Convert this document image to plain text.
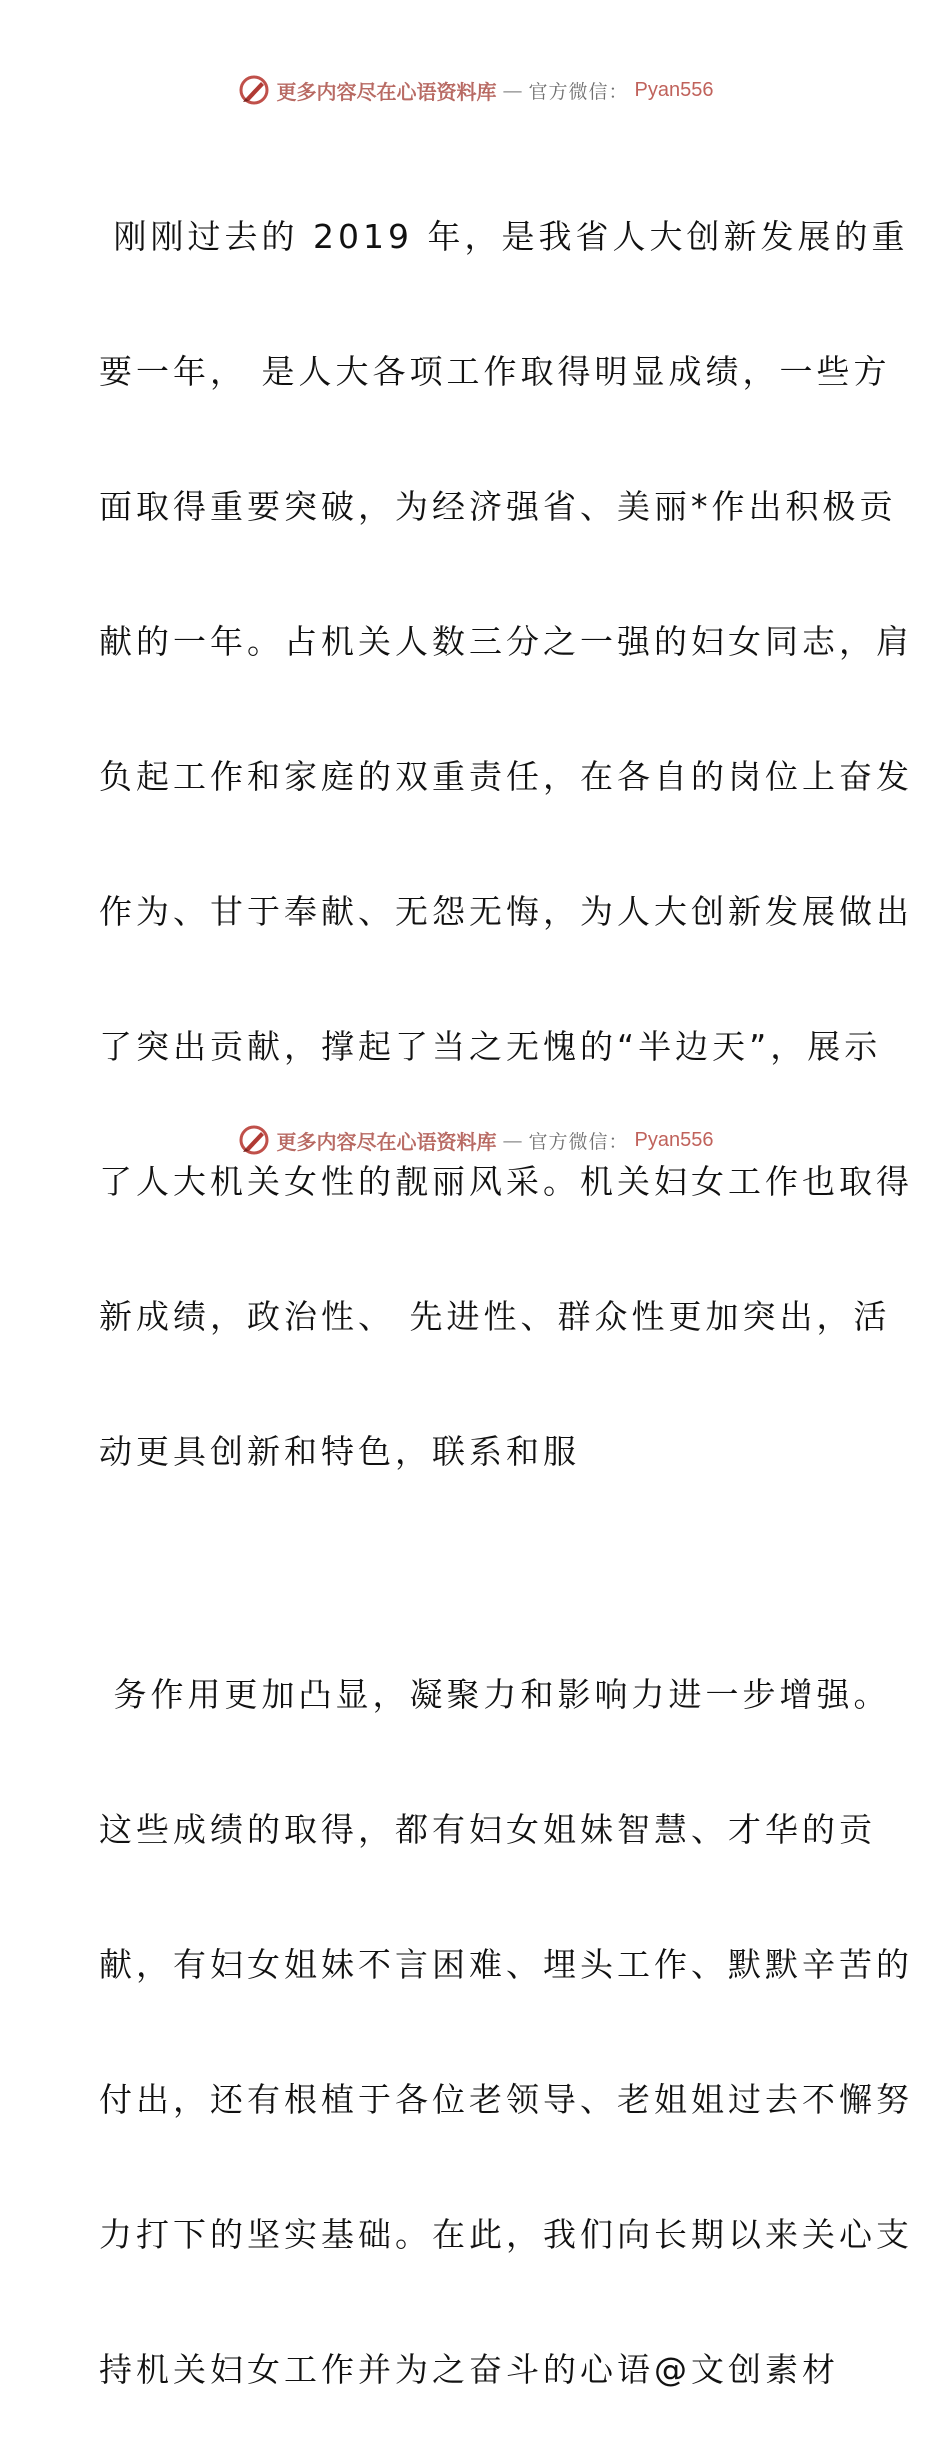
更多内容尽在心语资料库 — 官方微信： Pyan556

刚刚过去的 2019 年，是我省人大创新发展的重

要一年， 是人大各项工作取得明显成绩，一些方

面取得重要突破，为经济强省、美丽*作出积极贡

献的一年。占机关人数三分之一强的妇女同志，肩

负起工作和家庭的双重责任，在各自的岗位上奋发

作为、甘于奉献、无怨无悔，为人大创新发展做出

了突出贡献，撑起了当之无愧的“半边天”，展示

了人大机关女性的靓丽风采。机关妇女工作也取得

新成绩，政治性、 先进性、群众性更加突出，活

动更具创新和特色，联系和服

务作用更加凸显，凝聚力和影响力进一步增强。

这些成绩的取得，都有妇女姐妹智慧、才华的贡

献，有妇女姐妹不言困难、埋头工作、默默辛苦的

付出，还有根植于各位老领导、老姐姐过去不懈努

力打下的坚实基础。在此，我们向长期以来关心支

持机关妇女工作并为之奋斗的心语@文创素材

更多内容尽在心语资料库 — 官方微信： Pyan556
